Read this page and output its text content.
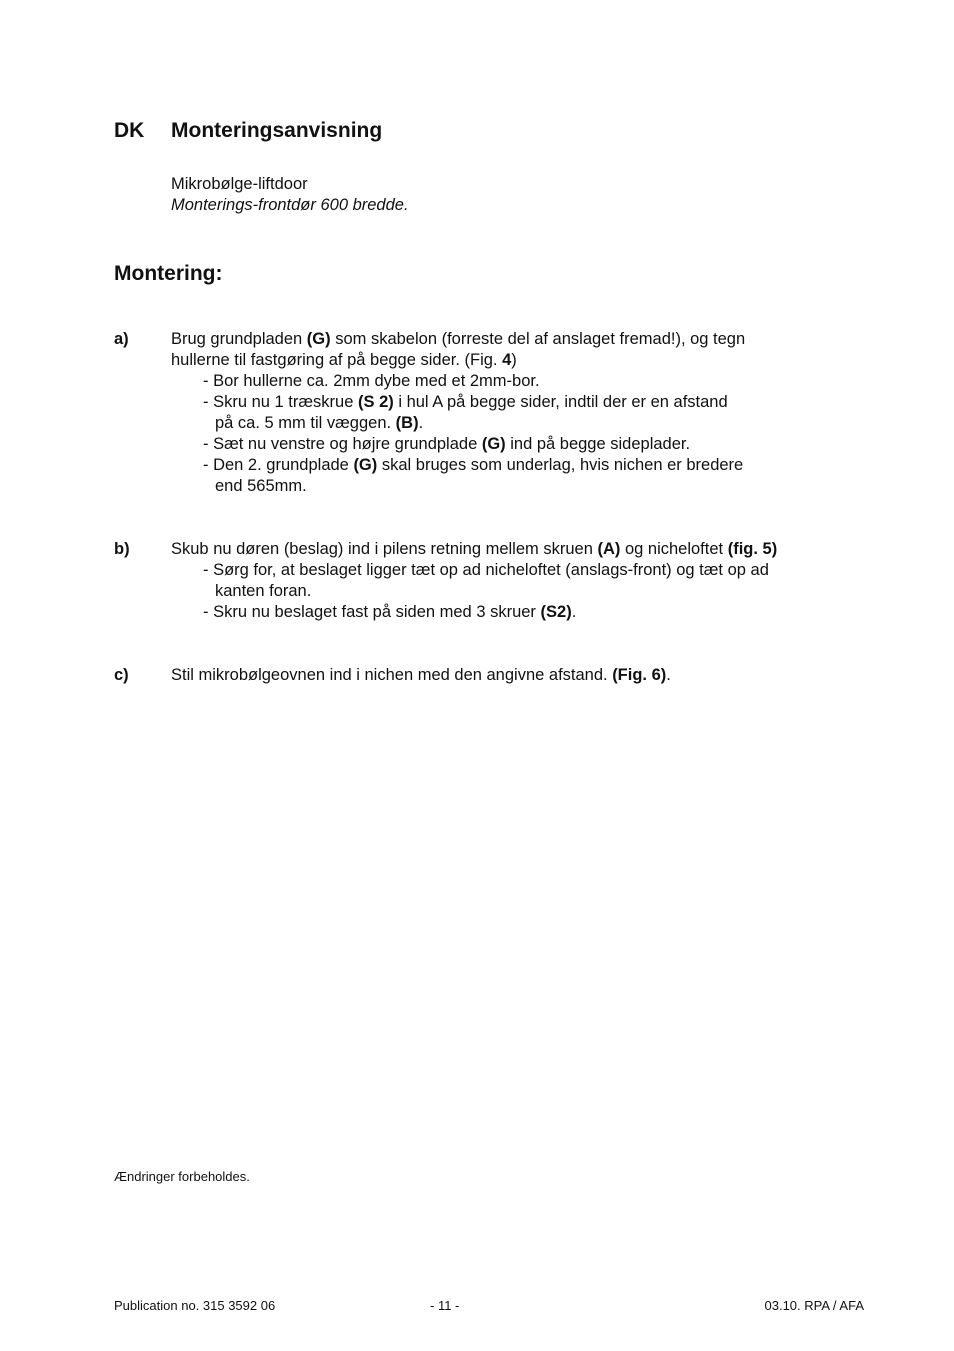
DK Monteringsanvisning
Mikrobølge-liftdoor
Monterings-frontdør 600 bredde.
Montering:
a)	Brug grundpladen (G) som skabelon (forreste del af anslaget fremad!), og tegn
hullerne til fastgøring af på begge sider. (Fig. 4)
- Bor hullerne ca. 2mm dybe med et 2mm-bor.
- Skru nu 1 træskrue (S 2) i hul A på begge sider, indtil der er en afstand
på ca. 5 mm til væggen. (B).
- Sæt nu venstre og højre grundplade (G) ind på begge sideplader.
- Den 2. grundplade (G) skal bruges som underlag, hvis nichen er bredere
end 565mm.
b)	Skub nu døren (beslag) ind i pilens retning mellem skruen (A) og nicheloftet (fig. 5)
- Sørg for, at beslaget ligger tæt op ad nicheloftet (anslags-front) og tæt op ad
kanten foran.
- Skru nu beslaget fast på siden med 3 skruer (S2).
c)	Stil mikrobølgeovnen ind i nichen med den angivne afstand. (Fig. 6).
Ændringer forbeholdes.
Publication no. 315 3592 06	- 11 -	03.10. RPA / AFA
